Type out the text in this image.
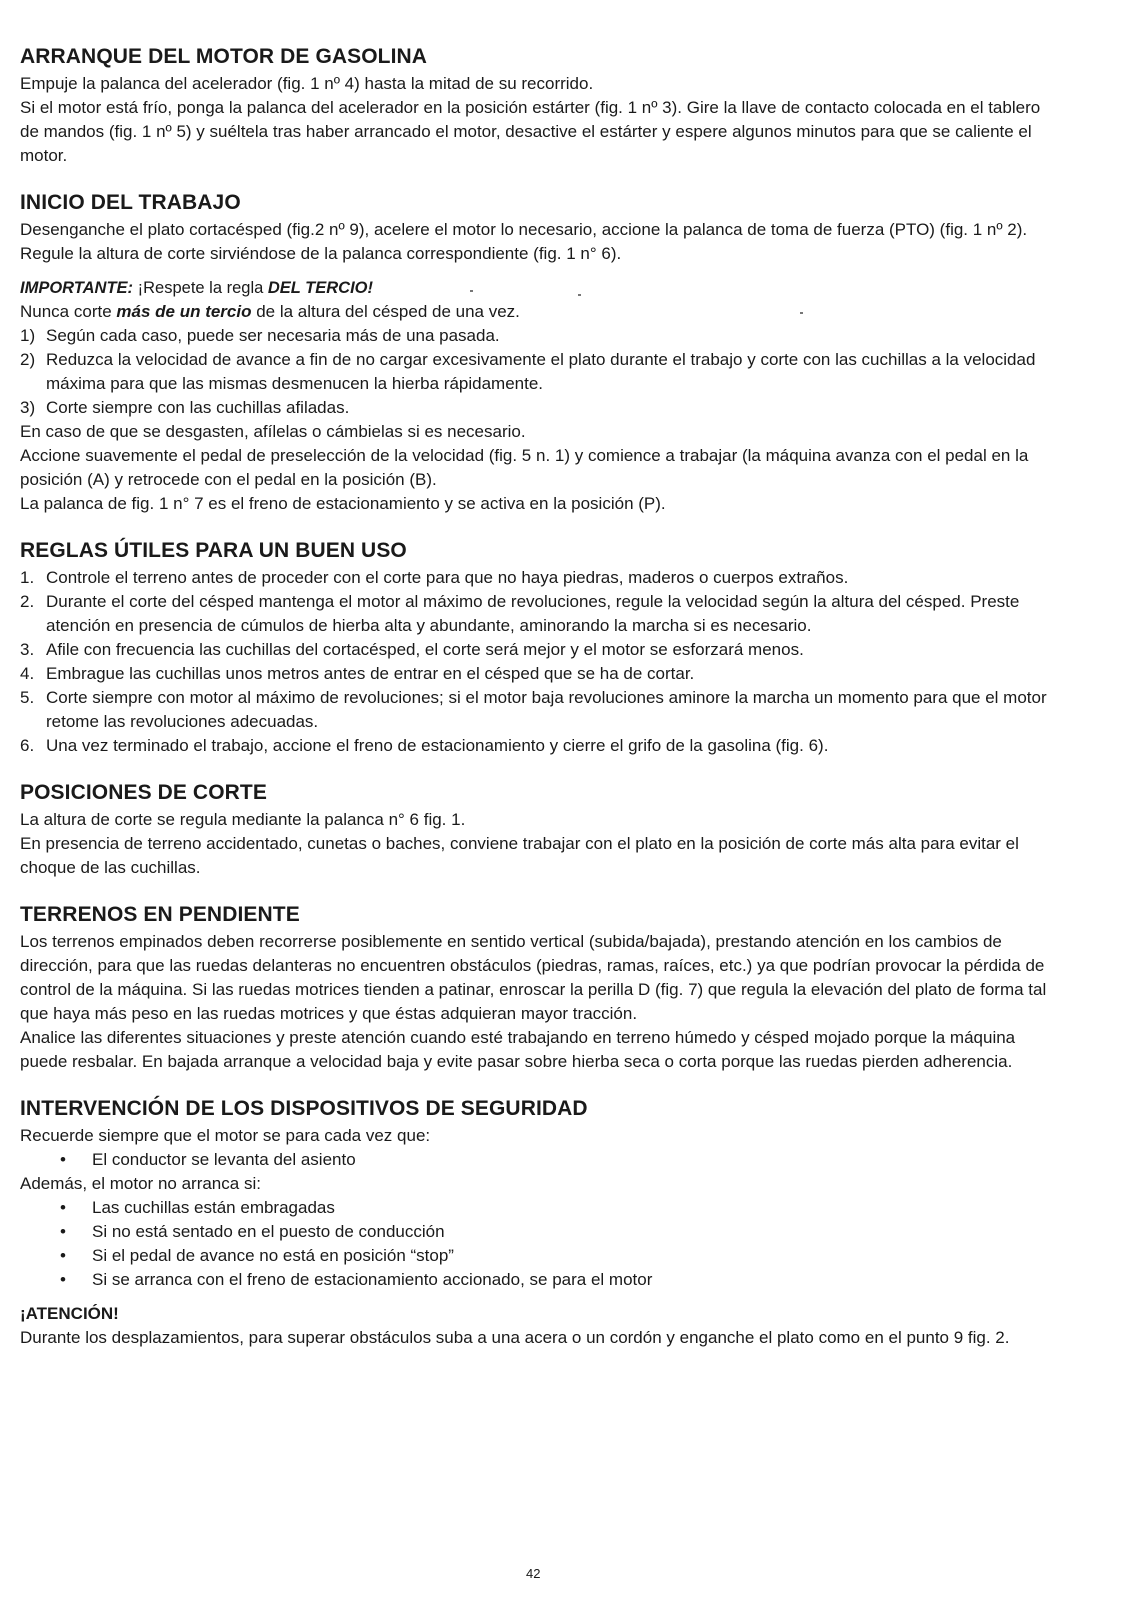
ARRANQUE DEL MOTOR DE GASOLINA

Empuje la palanca del acelerador (fig. 1 nº 4) hasta la mitad de su recorrido.

Si el motor está frío, ponga la palanca del acelerador en la posición estárter (fig. 1 nº 3). Gire la llave de contacto colocada en el tablero de mandos (fig. 1 nº 5) y suéltela tras haber arrancado el motor, desactive el estárter y espere algunos minutos para que se caliente el motor.

INICIO DEL TRABAJO

Desenganche el plato cortacésped (fig.2 nº 9), acelere el motor lo necesario, accione la palanca de toma de fuerza (PTO) (fig. 1 nº 2). Regule la altura de corte sirviéndose de la palanca correspondiente (fig. 1 n° 6).

IMPORTANTE: ¡Respete la regla DEL TERCIO!

Nunca corte más de un tercio de la altura del césped de una vez.

1) Según cada caso, puede ser necesaria más de una pasada.
2) Reduzca la velocidad de avance a fin de no cargar excesivamente el plato durante el trabajo y corte con las cuchillas a la velocidad máxima para que las mismas desmenucen la hierba rápidamente.
3) Corte siempre con las cuchillas afiladas.

En caso de que se desgasten, afílelas o cámbielas si es necesario.

Accione suavemente el pedal de preselección de la velocidad (fig. 5 n. 1) y comience a trabajar (la máquina avanza con el pedal en la posición (A) y retrocede con el pedal en la posición (B).

La palanca de fig. 1 n° 7 es el freno de estacionamiento y se activa en la posición (P).

REGLAS ÚTILES PARA UN BUEN USO
1. Controle el terreno antes de proceder con el corte para que no haya piedras, maderos o cuerpos extraños.
2. Durante el corte del césped mantenga el motor al máximo de revoluciones, regule la velocidad según la altura del césped. Preste atención en presencia de cúmulos de hierba alta y abundante, aminorando la marcha si es necesario.
3. Afile con frecuencia las cuchillas del cortacésped, el corte será mejor y el motor se esforzará menos.
4. Embrague las cuchillas unos metros antes de entrar en el césped que se ha de cortar.
5. Corte siempre con motor al máximo de revoluciones; si el motor baja revoluciones aminore la marcha un momento para que el motor retome las revoluciones adecuadas.
6. Una vez terminado el trabajo, accione el freno de estacionamiento y cierre el grifo de la gasolina (fig. 6).
POSICIONES DE CORTE

La altura de corte se regula mediante la palanca n° 6 fig. 1.

En presencia de terreno accidentado, cunetas o baches, conviene trabajar con el plato en la posición de corte más alta para evitar el choque de las cuchillas.

TERRENOS EN PENDIENTE

Los terrenos empinados deben recorrerse posiblemente en sentido vertical (subida/bajada), prestando atención en los cambios de dirección, para que las ruedas delanteras no encuentren obstáculos (piedras, ramas, raíces, etc.) ya que podrían provocar la pérdida de control de la máquina. Si las ruedas motrices tienden a patinar, enroscar la perilla D (fig. 7) que regula la elevación del plato de forma tal que haya más peso en las ruedas motrices y que éstas adquieran mayor tracción.

Analice las diferentes situaciones y preste atención cuando esté trabajando en terreno húmedo y césped mojado porque la máquina puede resbalar. En bajada arranque a velocidad baja y evite pasar sobre hierba seca o corta porque las ruedas pierden adherencia.

INTERVENCIÓN DE LOS DISPOSITIVOS DE SEGURIDAD

Recuerde siempre que el motor se para cada vez que:

• El conductor se levanta del asiento

Además, el motor no arranca si:

• Las cuchillas están embragadas
• Si no está sentado en el puesto de conducción
• Si el pedal de avance no está en posición “stop”
• Si se arranca con el freno de estacionamiento accionado, se para el motor

¡ATENCIÓN!

Durante los desplazamientos, para superar obstáculos suba a una acera o un cordón y enganche el plato como en el punto 9 fig. 2.

42
